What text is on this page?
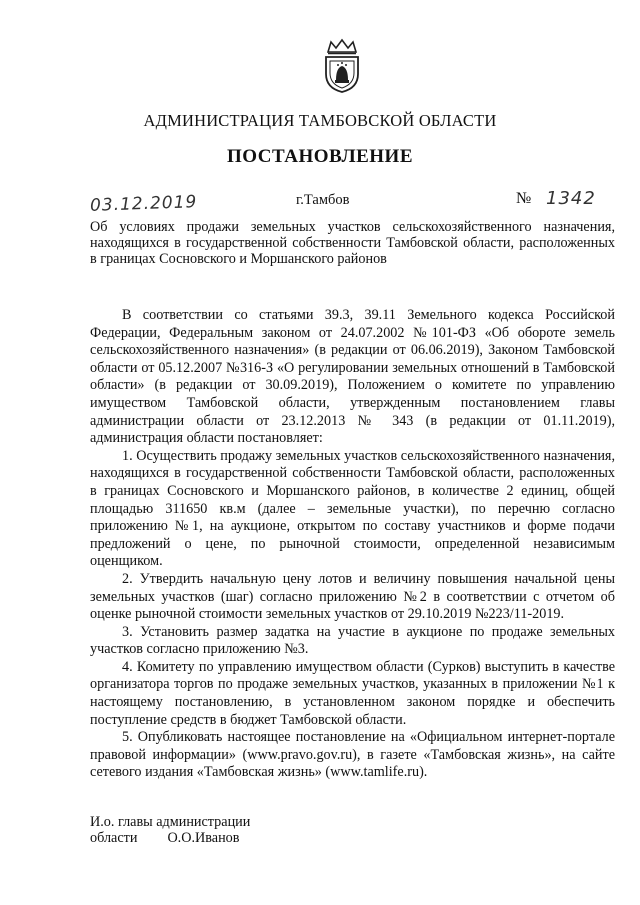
АДМИНИСТРАЦИЯ ТАМБОВСКОЙ ОБЛАСТИ
ПОСТАНОВЛЕНИЕ
03.12.2019	г.Тамбов	№ 1342
Об условиях продажи земельных участков сельскохозяйственного назначения, находящихся в государственной собственности Тамбовской области, расположенных в границах Сосновского и Моршанского районов

В соответствии со статьями 39.3, 39.11 Земельного кодекса Российской Федерации, Федеральным законом от 24.07.2002 №101-ФЗ «Об обороте земель сельскохозяйственного назначения» (в редакции от 06.06.2019), Законом Тамбовской области от 05.12.2007 №316-З «О регулировании земельных отношений в Тамбовской области» (в редакции от 30.09.2019), Положением о комитете по управлению имуществом Тамбовской области, утвержденным постановлением главы администрации области от 23.12.2013 № 343 (в редакции от 01.11.2019), администрация области постановляет:

1. Осуществить продажу земельных участков сельскохозяйственного назначения, находящихся в государственной собственности Тамбовской области, расположенных в границах Сосновского и Моршанского районов, в количестве 2 единиц, общей площадью 311650 кв.м (далее – земельные участки), по перечню согласно приложению №1, на аукционе, открытом по составу участников и форме подачи предложений о цене, по рыночной стоимости, определенной независимым оценщиком.

2. Утвердить начальную цену лотов и величину повышения начальной цены земельных участков (шаг) согласно приложению №2 в соответствии с отчетом об оценке рыночной стоимости земельных участков от 29.10.2019 №223/11-2019.

3. Установить размер задатка на участие в аукционе по продаже земельных участков согласно приложению №3.

4. Комитету по управлению имуществом области (Сурков) выступить в качестве организатора торгов по продаже земельных участков, указанных в приложении №1 к настоящему постановлению, в установленном законом порядке и обеспечить поступление средств в бюджет Тамбовской области.

5. Опубликовать настоящее постановление на «Официальном интернет-портале правовой информации» (www.pravo.gov.ru), в газете «Тамбовская жизнь», на сайте сетевого издания «Тамбовская жизнь» (www.tamlife.ru).

И.о. главы администрации
области О.О.Иванов
